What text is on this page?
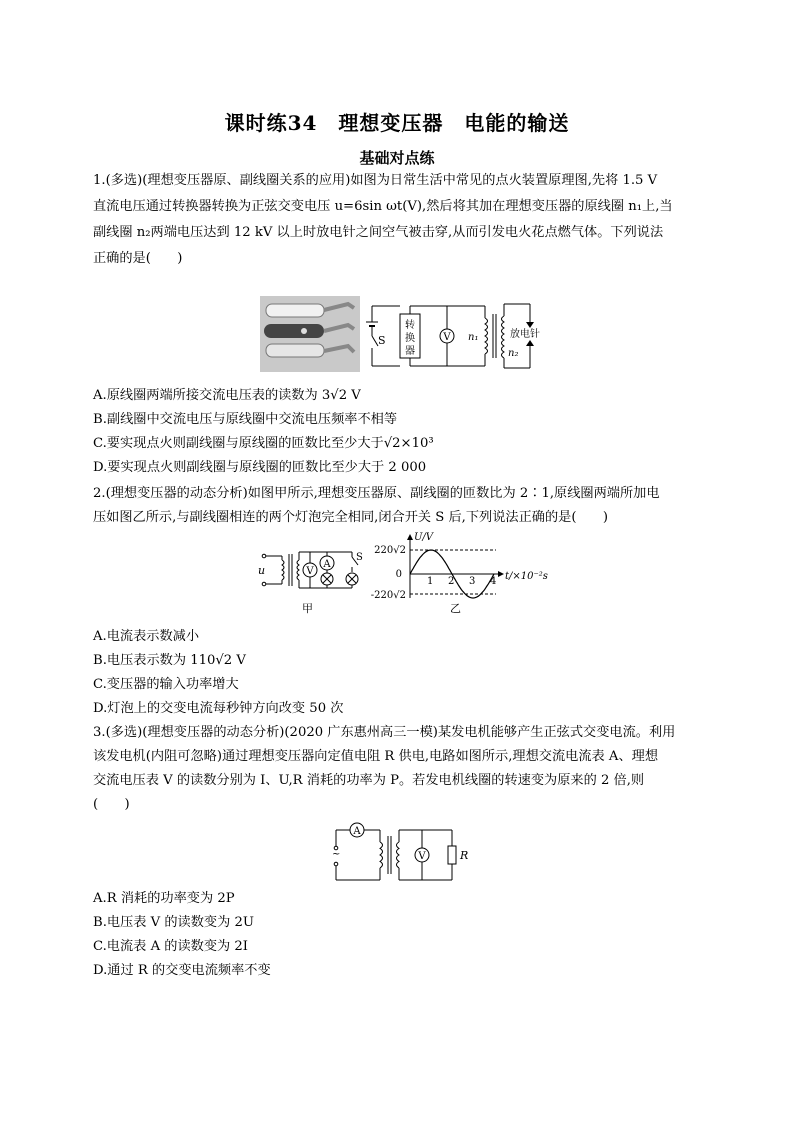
课时练34　理想变压器　电能的输送
基础对点练
1.(多选)(理想变压器原、副线圈关系的应用)如图为日常生活中常见的点火装置原理图,先将 1.5 V
直流电压通过转换器转换为正弦交变电压 u=6sin ωt(V),然后将其加在理想变压器的原线圈 n₁上,当
副线圈 n₂两端电压达到 12 kV 以上时放电针之间空气被击穿,从而引发电火花点燃气体。下列说法
正确的是(　　)
S
转
换
器
V n₁
n₂
放电针
A.原线圈两端所接交流电压表的读数为 3√2 V
B.副线圈中交流电压与原线圈中交流电压频率不相等
C.要实现点火则副线圈与原线圈的匝数比至少大于√2×10³
D.要实现点火则副线圈与原线圈的匝数比至少大于 2 000
2.(理想变压器的动态分析)如图甲所示,理想变压器原、副线圈的匝数比为 2∶1,原线圈两端所加电
压如图乙所示,与副线圈相连的两个灯泡完全相同,闭合开关 S 后,下列说法正确的是(　　)
u	V
A
S
甲
U/V
t/×10⁻²s
220√2
-220√2
0
1 2 3 4
乙
A.电流表示数减小
B.电压表示数为 110√2 V
C.变压器的输入功率增大
D.灯泡上的交变电流每秒钟方向改变 50 次
3.(多选)(理想变压器的动态分析)(2020 广东惠州高三一模)某发电机能够产生正弦式交变电流。利用
该发电机(内阻可忽略)通过理想变压器向定值电阻 R 供电,电路如图所示,理想交流电流表 A、理想
交流电压表 V 的读数分别为 I、U,R 消耗的功率为 P。若发电机线圈的转速变为原来的 2 倍,则
(　　)
A
~	V	R
A.R 消耗的功率变为 2P
B.电压表 V 的读数变为 2U
C.电流表 A 的读数变为 2I
D.通过 R 的交变电流频率不变
